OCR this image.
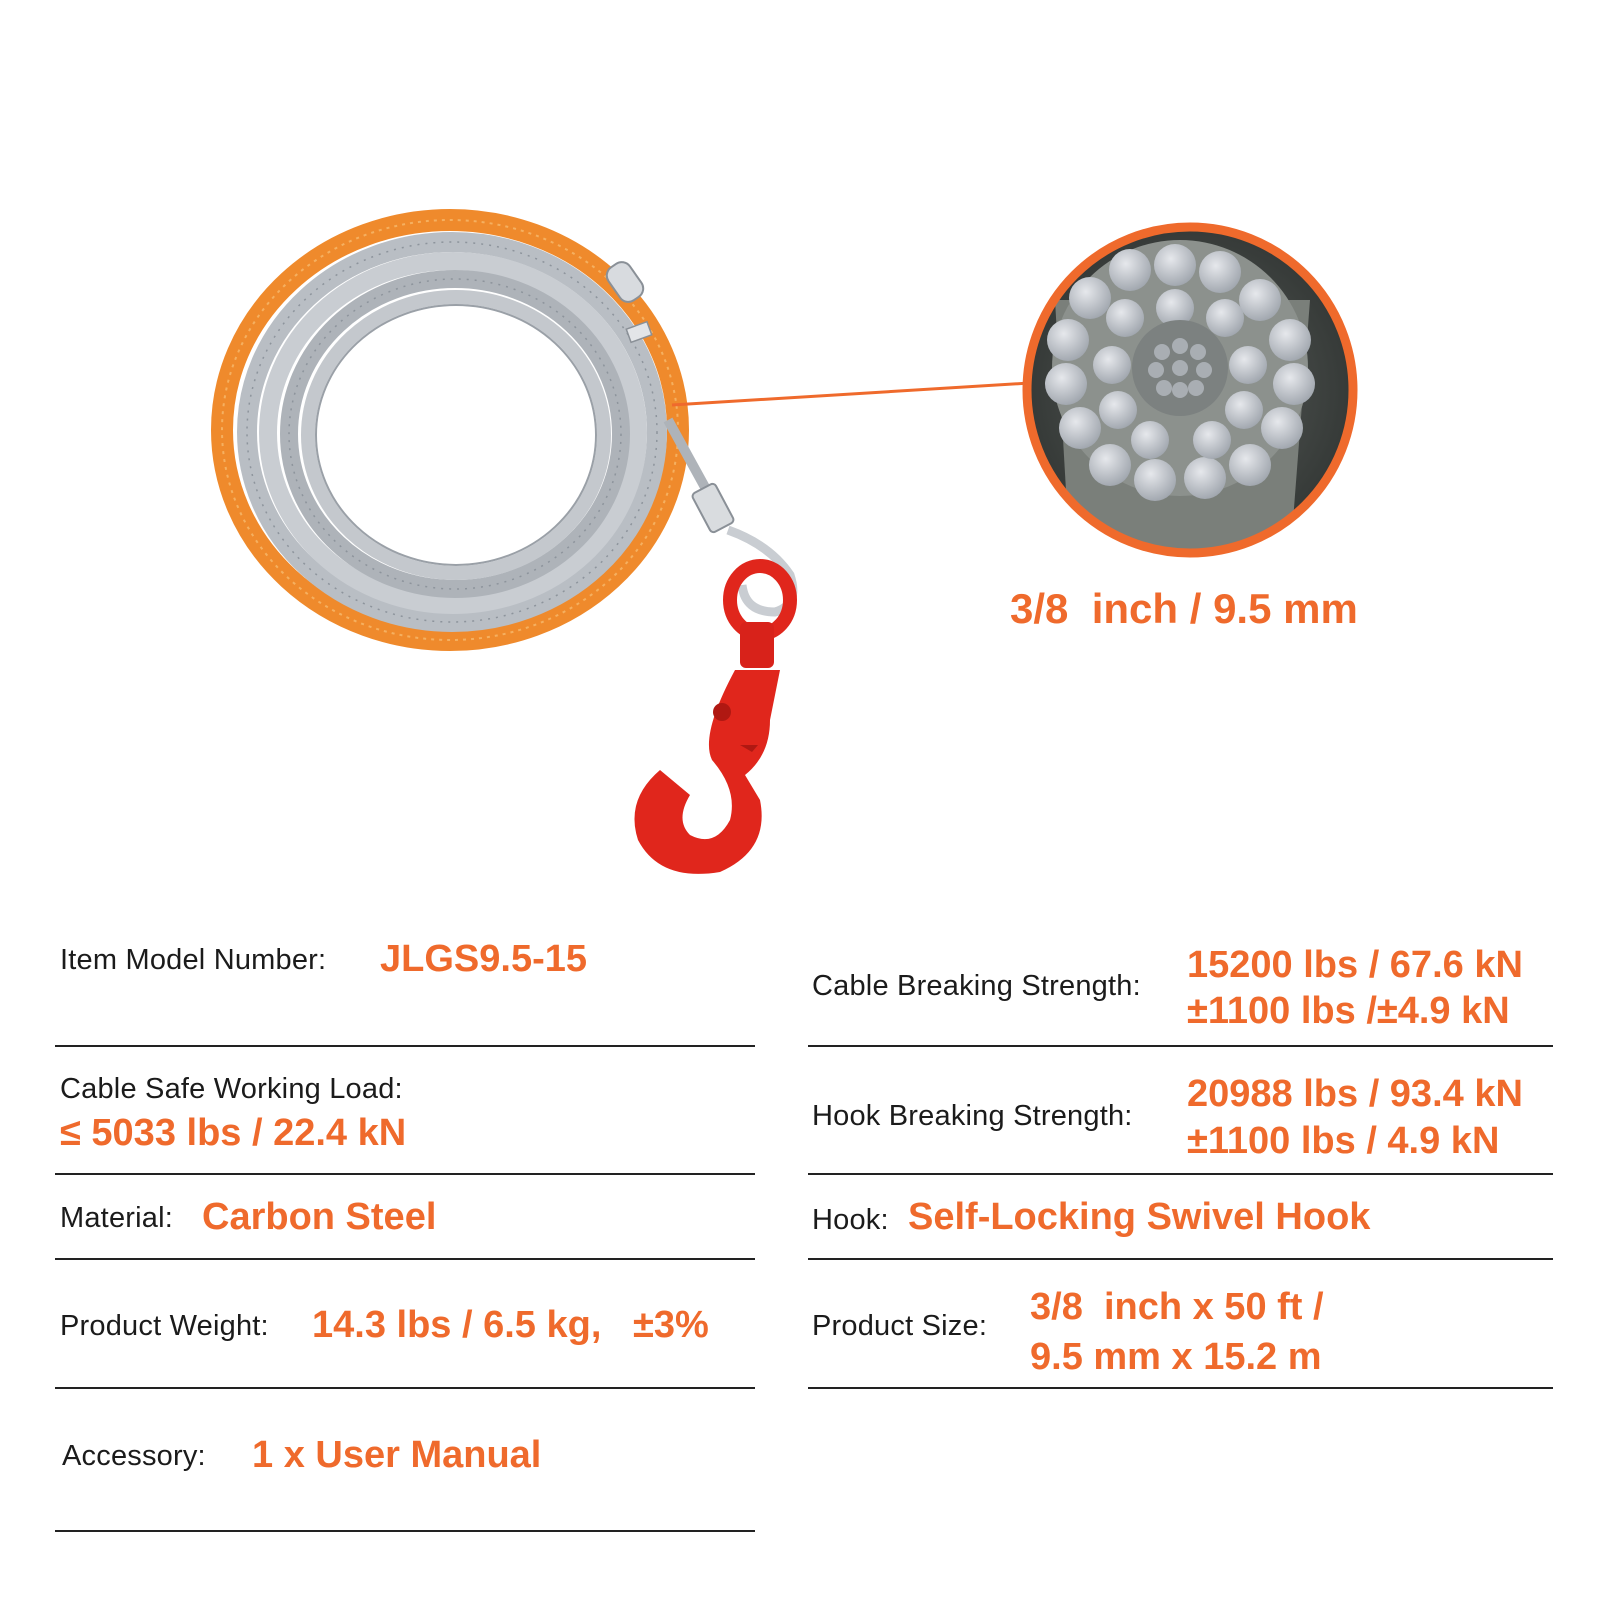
3/8  inch / 9.5 mm
Item Model Number: JLGS9.5-15
Cable Safe Working Load:
≤ 5033 lbs / 22.4 kN
Material: Carbon Steel
Product Weight: 14.3 lbs / 6.5 kg,   ±3%
Accessory: 1 x User Manual
Cable Breaking Strength: 15200 lbs / 67.6 kN
±1100 lbs /±4.9 kN
Hook Breaking Strength:
20988 lbs / 93.4 kN
±1100 lbs / 4.9 kN
Hook: Self-Locking Swivel Hook
Product Size: 3/8  inch x 50 ft /
9.5 mm x 15.2 m
